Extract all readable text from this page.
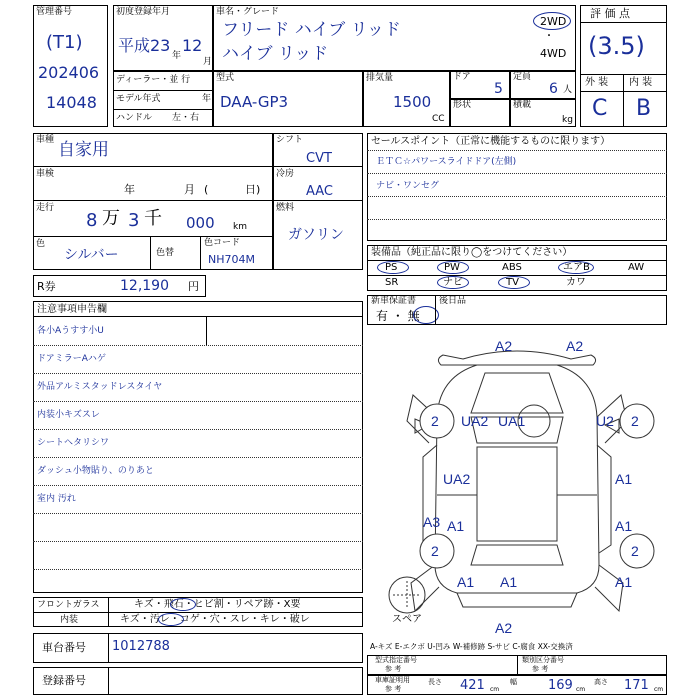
管理番号
(T1)
202406
14048
初度登録年月
平成23 12
年
月
車名・グレード
フリード ハイブ リッド
ハイブ リッド
2WD
・
4WD
評 価 点
(3.5)
外 装 内 装
C B
ディーラー・並 行
モデル年式	年
ハンドル 左・右
型式
DAA-GP3
排気量
1500
CC
ドア
5
定員
6 人
形状	積載
kg
車種 自家用
車検
年	月 (	日)
走行
8 万 3 千 000 km
色
シルバー	色替
色コード
NH704M
シフト
CVT
冷房
AAC
燃料
ガソリン
セールスポイント（正常に機能するものに限ります）
ＥＴＣ☆パワースライドドア(左側)
ナビ・ワンセグ
装備品（純正品に限り◯をつけてください）
PS	PW	ABS	エアB	AW
SR	ナビ	TV	カワ
新車保証書
有 ・ 無
後日品
R券	12,190 円
注意事項申告欄
各小Aうすす小U
ドアミラーAハゲ
外品アルミスタッドレスタイヤ
内装小キズスレ
シートヘタリシワ
ダッシュ小物貼り、のりあと
室内 汚れ
A2	A2
UA2 UA1	U2
2	2
UA2	A1
A3 A1	A1
2	2
A1 A1
A2
A1
スペア
フロントガラス	キズ・飛石・ヒビ割・リペア跡・X要
内装	キズ・汚レ・コゲ・穴・スレ・キレ・破レ
車台番号 1012788
登録番号
A-キズ E-エクボ U-凹み W-補修跡 S-サビ C-腐食 XX-交換済
型式指定番号
参 考
類別区分番号
参 考
車庫証明用
参 考
長さ 421 cm
幅 169 cm
高さ 171 cm
